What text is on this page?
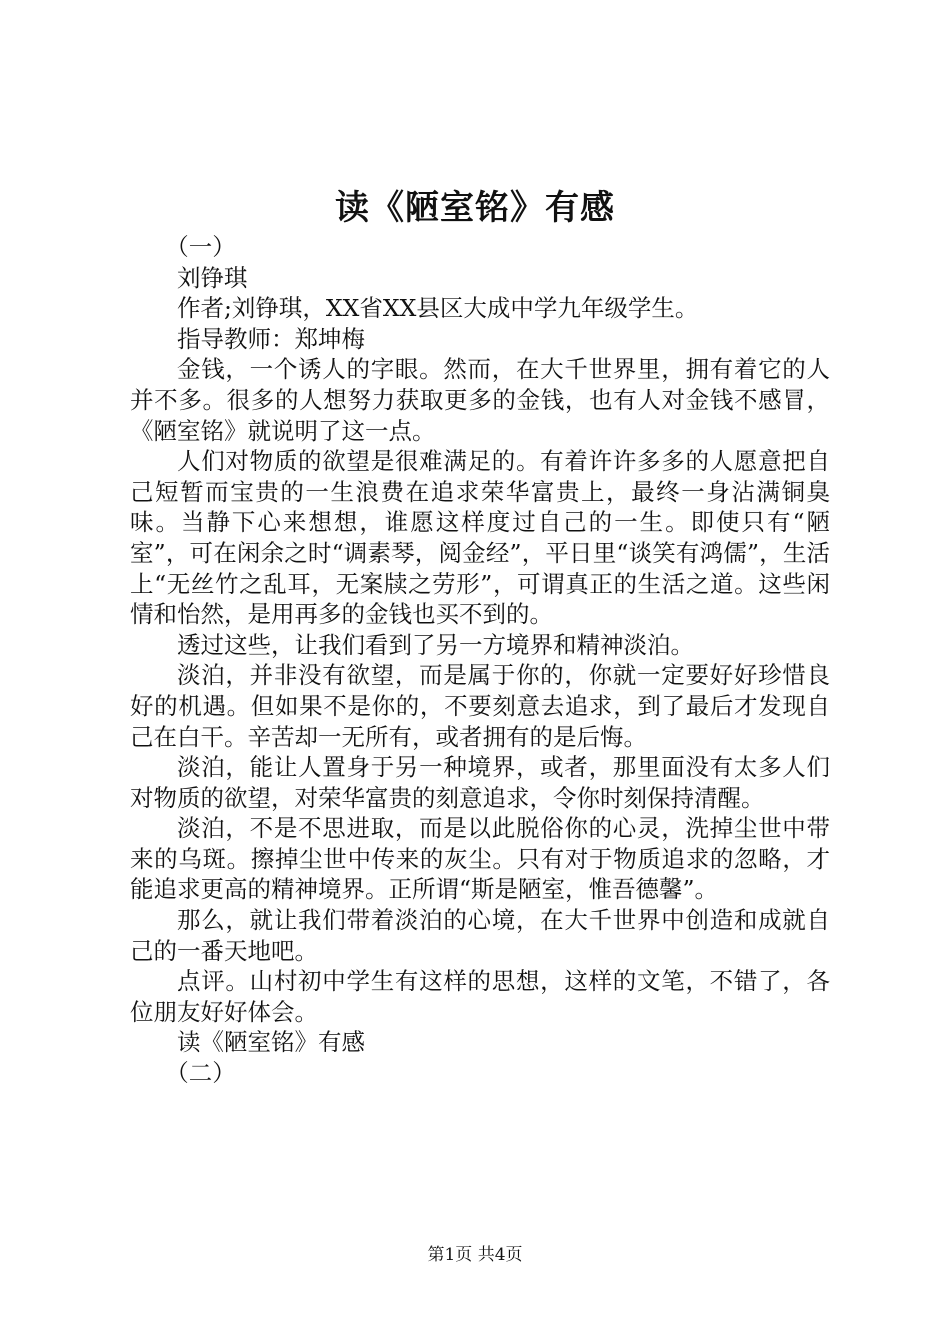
读《陋室铭》有感

（一）

刘铮琪

作者;刘铮琪，XX省XX县区大成中学九年级学生。

指导教师：郑坤梅

金钱，一个诱人的字眼。然而，在大千世界里，拥有着它的人并不多。很多的人想努力获取更多的金钱，也有人对金钱不感冒，《陋室铭》就说明了这一点。

人们对物质的欲望是很难满足的。有着许许多多的人愿意把自己短暂而宝贵的一生浪费在追求荣华富贵上，最终一身沾满铜臭味。当静下心来想想，谁愿这样度过自己的一生。即使只有“陋室”，可在闲余之时“调素琴，阅金经”，平日里“谈笑有鸿儒”，生活上“无丝竹之乱耳，无案牍之劳形”，可谓真正的生活之道。这些闲情和怡然，是用再多的金钱也买不到的。

透过这些，让我们看到了另一方境界和精神淡泊。

淡泊，并非没有欲望，而是属于你的，你就一定要好好珍惜良好的机遇。但如果不是你的，不要刻意去追求，到了最后才发现自己在白干。辛苦却一无所有，或者拥有的是后悔。

淡泊，能让人置身于另一种境界，或者，那里面没有太多人们对物质的欲望，对荣华富贵的刻意追求，令你时刻保持清醒。

淡泊，不是不思进取，而是以此脱俗你的心灵，洗掉尘世中带来的乌斑。擦掉尘世中传来的灰尘。只有对于物质追求的忽略，才能追求更高的精神境界。正所谓“斯是陋室，惟吾德馨”。

那么，就让我们带着淡泊的心境，在大千世界中创造和成就自己的一番天地吧。

点评。山村初中学生有这样的思想，这样的文笔，不错了，各位朋友好好体会。

读《陋室铭》有感

（二）

第1页 共4页
